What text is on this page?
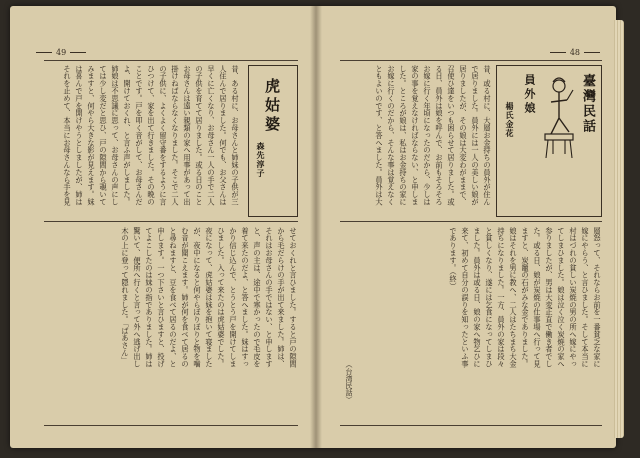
49
昔、ある村に、お母さんと姉妹の子供が三
人住んで居りました。何でも、お父さんは
早くに亡くなり、お母さん一人の手で二人
の子供を育てて居りました。或る日のこと
お母さんは遠い親類の家へ用事があって出
掛けねばならなくなりました。そこで二人
の子供に、よくよく留守番をするように言
ひつけて、家を出て行きました。その晩の
ことです。戸を叩く音がして、お母さんだ
よ、開けておくれ、と言ふ声がしました。
姉娘は不思議に思って、お母さんの声にし
ては少し変だと思ひ、戸の隙間から覗いて
みますと、何やら大きな影が見えます。妹
は喜んで戸を開けやうとしましたが、姉は
それを止めて、本当にお母さんなら手を見
せておくれと言ひました。すると戸の隙間
から毛だらけの手が出て来ました。姉は、
それはお母さんの手ではない、と申します
と、声の主は、途中で寒かったので毛皮を
着て来たのだよ、と答へました。妹はすっ
かり信じ込んで、とうとう戸を開けてしま
ひました。入って来たのは虎姑婆でした。
夜になって、虎姑婆は妹を抱いて寝ました
が、夜中になると何やらぼりぼりと物を噛
む音が聞こえます。姉が何を食べて居るの
と尋ねますと、豆を食べて居るのだよ、と
申します。一つ下さいと言ひますと、投げ
てよこしたのは妹の指でありました。姉は
驚いて、便所へ行くと言って外へ逃げ出し
木の上に登って隠れました。「ばあさん」
虎姑婆
森先淳子
48
昔、或る村に、大層お金持ちの員外が住ん
で居りました。員外には一人の美しい娘が
居りましたが、その娘は大変わがままで、
召使ひ達をいつも困らせて居りました。或
る日、員外は娘を呼んで、お前もそろそろ
お嫁に行く年頃になったのだから、少しは
家の事を覚えなければならない、と申しま
した。ところが娘は、私はお金持ちの家に
お嫁に行くのだから、そんな事は覚えなく
ともよいのです、と答へました。員外は大
層怒って、それならお前を一番貧乏な家に
嫁にやらう、と言ひました。そして本当に
村はづれの貧しい炭焼の男の所へ嫁にやっ
てしまひました。娘は泣く泣く炭焼の家へ
参りましたが、男は大変正直で働き者でし
た。或る日、娘が炭焼の仕事場へ行って見
ますと、炭竈の石がみな金でありました。
娘はそれを男に教へ、二人はたちまち大金
持ちになりました。一方、員外の家は段々
と貧しくなり、遂には乞食になってしまひ
ました。員外は或る日、娘の家へ物乞ひに
来て、初めて自分の誤りを知ったといふ事
であります。（終）
臺灣民話
員外娘
楊氏金花
（台湾民話）
